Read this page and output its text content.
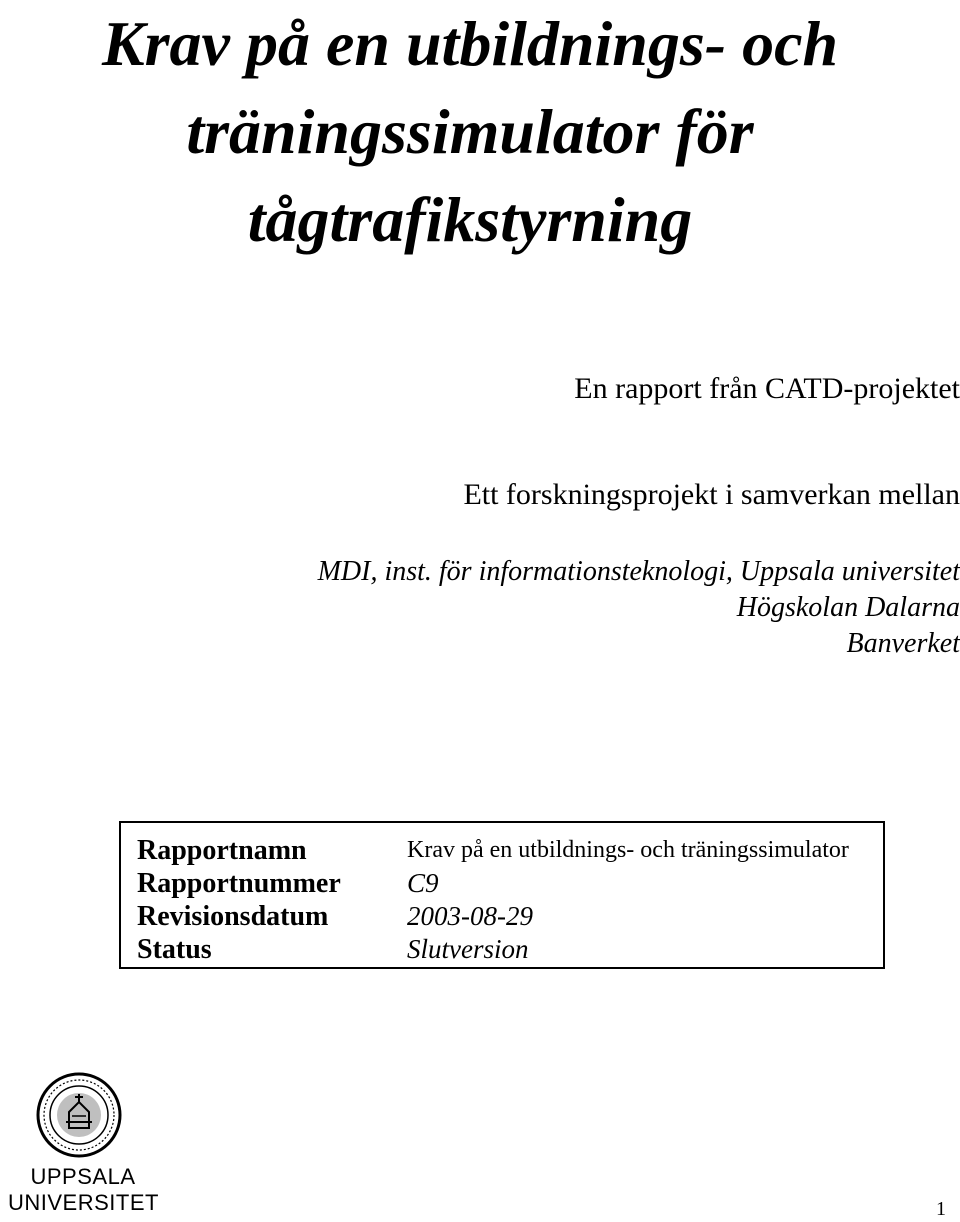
Krav på en utbildnings- och
träningssimulator för
tågtrafikstyrning
En rapport från CATD-projektet
Ett forskningsprojekt i samverkan mellan
MDI, inst. för informationsteknologi, Uppsala universitet
Högskolan Dalarna
Banverket
Rapportnamn	Krav på en utbildnings- och träningssimulator
Rapportnummer C9
Revisionsdatum	2003-08-29
Status	Slutversion
UPPSALA
UNIVERSITET	1
